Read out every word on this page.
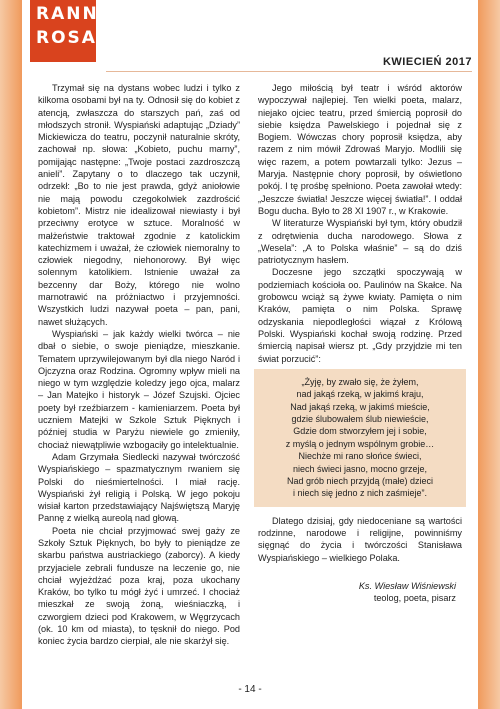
RANNA
ROSA
KWIECIEŃ 2017

Trzymał się na dystans wobec ludzi i tylko z kilkoma osobami był na ty. Odnosił się do kobiet z atencją, zwłaszcza do starszych pań, zaś od młodszych stronił. Wyspiański adaptując „Dziady” Mickiewicza do teatru, poczynił naturalnie skróty, zachował np. słowa: „Kobieto, puchu marny”, pomijając następne: „Twoje postaci zazdroszczą anieli”. Zapytany o to dlaczego tak uczynił, odrzekł: „Bo to nie jest prawda, gdyż aniołowie nie mają powodu czegokolwiek zazdrościć kobietom”. Mistrz nie idealizował niewiasty i był przeciwny erotyce w sztuce. Moralność w małżeństwie traktował zgodnie z katolickim katechizmem i uważał, że człowiek niemoralny to człowiek niegodny, niehonorowy. Był więc solennym katolikiem. Istnienie uważał za bezcenny dar Boży, którego nie wolno marnotrawić na próżniactwo i przyjemności. Wszystkich ludzi nazywał poeta – pan, pani, nawet służących.

Wyspiański – jak każdy wielki twórca – nie dbał o siebie, o swoje pieniądze, mieszkanie. Tematem uprzywilejowanym był dla niego Naród i Ojczyzna oraz Rodzina. Ogromny wpływ mieli na niego w tym względzie koledzy jego ojca, malarz – Jan Matejko i historyk – Józef Szujski. Ojciec poety był rzeźbiarzem - kamieniarzem. Poeta był uczniem Matejki w Szkole Sztuk Pięknych i później studia w Paryżu niewiele go zmieniły, chociaż niewątpliwie wzbogaciły go intelektualnie.

Adam Grzymała Siedlecki nazywał twórczość Wyspiańskiego – spazmatycznym rwaniem się Polski do nieśmiertelności. I miał rację. Wyspiański żył religią i Polską. W jego pokoju wisiał karton przedstawiający Najświętszą Maryję Pannę z wielką aureolą nad głową.

Poeta nie chciał przyjmować swej gaży ze Szkoły Sztuk Pięknych, bo były to pieniądze ze skarbu państwa austriackiego (zaborcy). A kiedy przyjaciele zebrali fundusze na leczenie go, nie chciał wyjeżdżać poza kraj, poza ukochany Kraków, bo tylko tu mógł żyć i umrzeć. I chociaż mieszkał ze swoją żoną, wieśniaczką, i czworgiem dzieci pod Krakowem, w Węgrzycach (ok. 10 km od miasta), to tęsknił do niego. Pod koniec życia bardzo cierpiał, ale nie skarżył się.

Jego miłością był teatr i wśród aktorów wypoczywał najlepiej. Ten wielki poeta, malarz, niejako ojciec teatru, przed śmiercią poprosił do siebie księdza Pawelskiego i pojednał się z Bogiem. Wówczas chory poprosił księdza, aby razem z nim mówił Zdrowaś Maryjo. Modlili się więc razem, a potem powtarzali tylko: Jezus – Maryja. Następnie chory poprosił, by oświetlono pokój. I tę prośbę spełniono. Poeta zawołał wtedy: „Jeszcze światła! Jeszcze więcej światła!”. I oddał Bogu ducha. Było to 28 XI 1907 r., w Krakowie.

W literaturze Wyspiański był tym, który obudził z odrętwienia ducha narodowego. Słowa z „Wesela”: „A to Polska właśnie” – są do dziś patriotycznym hasłem.

Doczesne jego szczątki spoczywają w podziemiach kościoła oo. Paulinów na Skałce. Na grobowcu wciąż są żywe kwiaty. Pamięta o nim Kraków, pamięta o nim Polska. Sprawę odzyskania niepodległości wiązał z Królową Polski. Wyspiański kochał swoją rodzinę. Przed śmiercią napisał wiersz pt. „Gdy przyjdzie mi ten świat porzucić”:

„Żyję, by zwało się, że żyłem,
nad jakąś rzeką, w jakimś kraju,
Nad jakąś rzeką, w jakimś mieście,
gdzie ślubowałem ślub niewieście,
Gdzie dom stworzyłem jej i sobie,
z myślą o jednym wspólnym grobie…
Niechże mi rano słońce świeci,
niech świeci jasno, mocno grzeje,
Nad grób niech przyjdą (małe) dzieci
i niech się jedno z nich zaśmieje”.

Dlatego dzisiaj, gdy niedoceniane są wartości rodzinne, narodowe i religijne, powinniśmy sięgnąć do życia i twórczości Stanisława Wyspiańskiego – wielkiego Polaka.

Ks. Wiesław Wiśniewski
teolog, poeta, pisarz
- 14 -
